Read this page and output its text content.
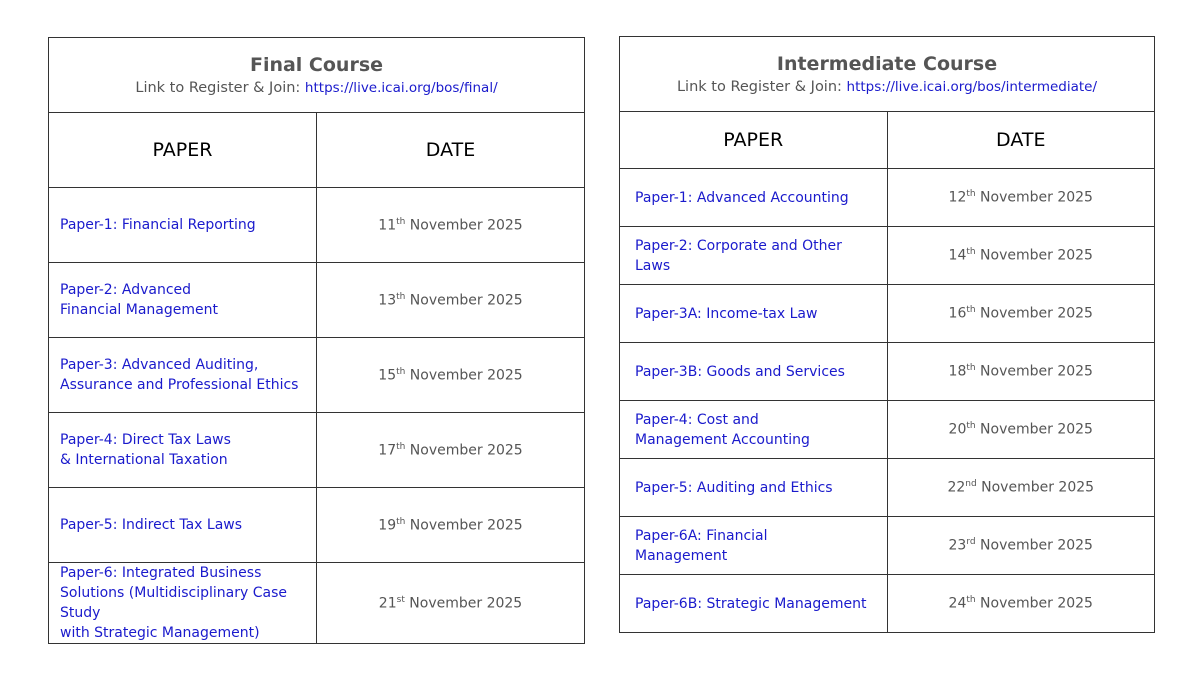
Final Course
Link to Register & Join: https://live.icai.org/bos/final/	

PAPER	DATE

Paper-1: Financial Reporting	11th November 2025

Paper-2: Advanced
Financial Management	13th November 2025

Paper-3: Advanced Auditing,
Assurance and Professional Ethics	15th November 2025

Paper-4: Direct Tax Laws
& International Taxation	17th November 2025

Paper-5: Indirect Tax Laws	19th November 2025

Paper-6: Integrated Business
Solutions (Multidisciplinary Case Study
with Strategic Management)	21st November 2025
Intermediate Course
Link to Register & Join: https://live.icai.org/bos/intermediate/	

PAPER	DATE

Paper-1: Advanced Accounting	12th November 2025

Paper-2: Corporate and Other Laws	14th November 2025

Paper-3A: Income-tax Law	16th November 2025

Paper-3B: Goods and Services	18th November 2025

Paper-4: Cost and
Management Accounting	20th November 2025

Paper-5: Auditing and Ethics	22nd November 2025

Paper-6A: Financial
Management	23rd November 2025

Paper-6B: Strategic Management	24th November 2025
